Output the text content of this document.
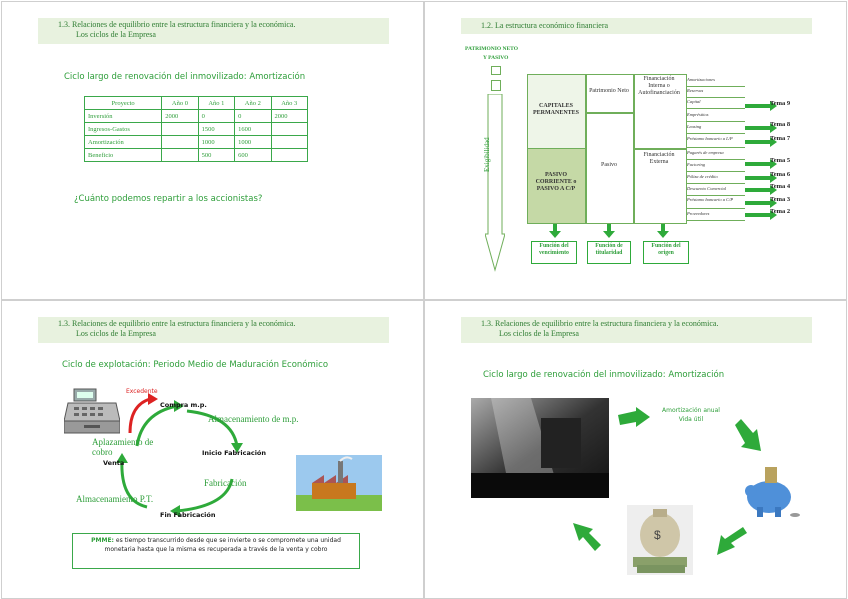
1.3. Relaciones de equilibrio entre la estructura financiera y la económica.
Los ciclos de la Empresa
Ciclo largo de renovación del inmovilizado: Amortización
Proyecto	Año 0	Año 1	Año 2	Año 3
Inversión	2000	0	0	2000
Ingresos-Gastos		1500	1600	
Amortización		1000	1000	
Beneficio		500	600	
¿Cuánto podemos repartir a los accionistas?
1.2. La estructura económico financiera
PATRIMONIO NETO
Y PASIVO
Exigibilidad
CAPITALES PERMANENTES
PASIVO CORRIENTE o PASIVO A C/P
Patrimonio Neto
Pasivo
Financiación Interna o Autofinanciación
Financiación Externa
Amortizaciones
Reservas
Capital
Empréstitos
Leasing
Préstamo bancario a L/P
Pagarés de empresa
Factoring
Póliza de crédito
Descuento Comercial
Préstamo bancario a C/P
Proveedores
Tema 9
Tema 8
Tema 7
Tema 5
Tema 6
Tema 4
Tema 3
Tema 2
Función del vencimiento
Función de titularidad
Función del origen
1.3. Relaciones de equilibrio entre la estructura financiera y la económica.
Los ciclos de la Empresa
Ciclo de explotación: Periodo Medio de Maduración Económico
Excedente
Compra m.p.
Almacenamiento de m.p.
Inicio Fabricación
Fabricación
Fin Fabricación
Almacenamiento P.T.
Venta
Aplazamiento de cobro
PMME: es tiempo transcurrido desde que se invierte o se compromete una unidad monetaria hasta que la misma es recuperada a través de la venta y cobro
1.3. Relaciones de equilibrio entre la estructura financiera y la económica.
Los ciclos de la Empresa
Ciclo largo de renovación del inmovilizado: Amortización
Amortización anual
Vida útil
$
